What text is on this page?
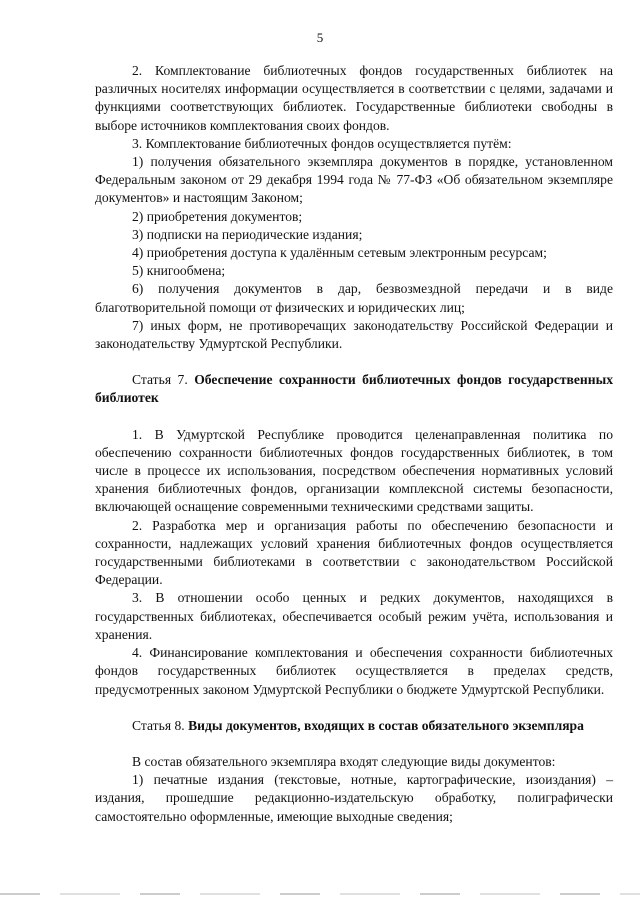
5

2. Комплектование библиотечных фондов государственных библиотек на различных носителях информации осуществляется в соответствии с целями, задачами и функциями соответствующих библиотек. Государственные библиотеки свободны в выборе источников комплектования своих фондов.

3. Комплектование библиотечных фондов осуществляется путём:

1) получения обязательного экземпляра документов в порядке, установленном Федеральным законом от 29 декабря 1994 года № 77-ФЗ «Об обязательном экземпляре документов» и настоящим Законом;

2) приобретения документов;

3) подписки на периодические издания;

4) приобретения доступа к удалённым сетевым электронным ресурсам;

5) книгообмена;

6) получения документов в дар, безвозмездной передачи и в виде благотворительной помощи от физических и юридических лиц;

7) иных форм, не противоречащих законодательству Российской Федерации и законодательству Удмуртской Республики.

Статья 7. Обеспечение сохранности библиотечных фондов государственных библиотек

1. В Удмуртской Республике проводится целенаправленная политика по обеспечению сохранности библиотечных фондов государственных библиотек, в том числе в процессе их использования, посредством обеспечения нормативных условий хранения библиотечных фондов, организации комплексной системы безопасности, включающей оснащение современными техническими средствами защиты.

2. Разработка мер и организация работы по обеспечению безопасности и сохранности, надлежащих условий хранения библиотечных фондов осуществляется государственными библиотеками в соответствии с законодательством Российской Федерации.

3. В отношении особо ценных и редких документов, находящихся в государственных библиотеках, обеспечивается особый режим учёта, использования и хранения.

4. Финансирование комплектования и обеспечения сохранности библиотечных фондов государственных библиотек осуществляется в пределах средств, предусмотренных законом Удмуртской Республики о бюджете Удмуртской Республики.

Статья 8. Виды документов, входящих в состав обязательного экземпляра

В состав обязательного экземпляра входят следующие виды документов:

1) печатные издания (текстовые, нотные, картографические, изоиздания) – издания, прошедшие редакционно-издательскую обработку, полиграфически самостоятельно оформленные, имеющие выходные сведения;
